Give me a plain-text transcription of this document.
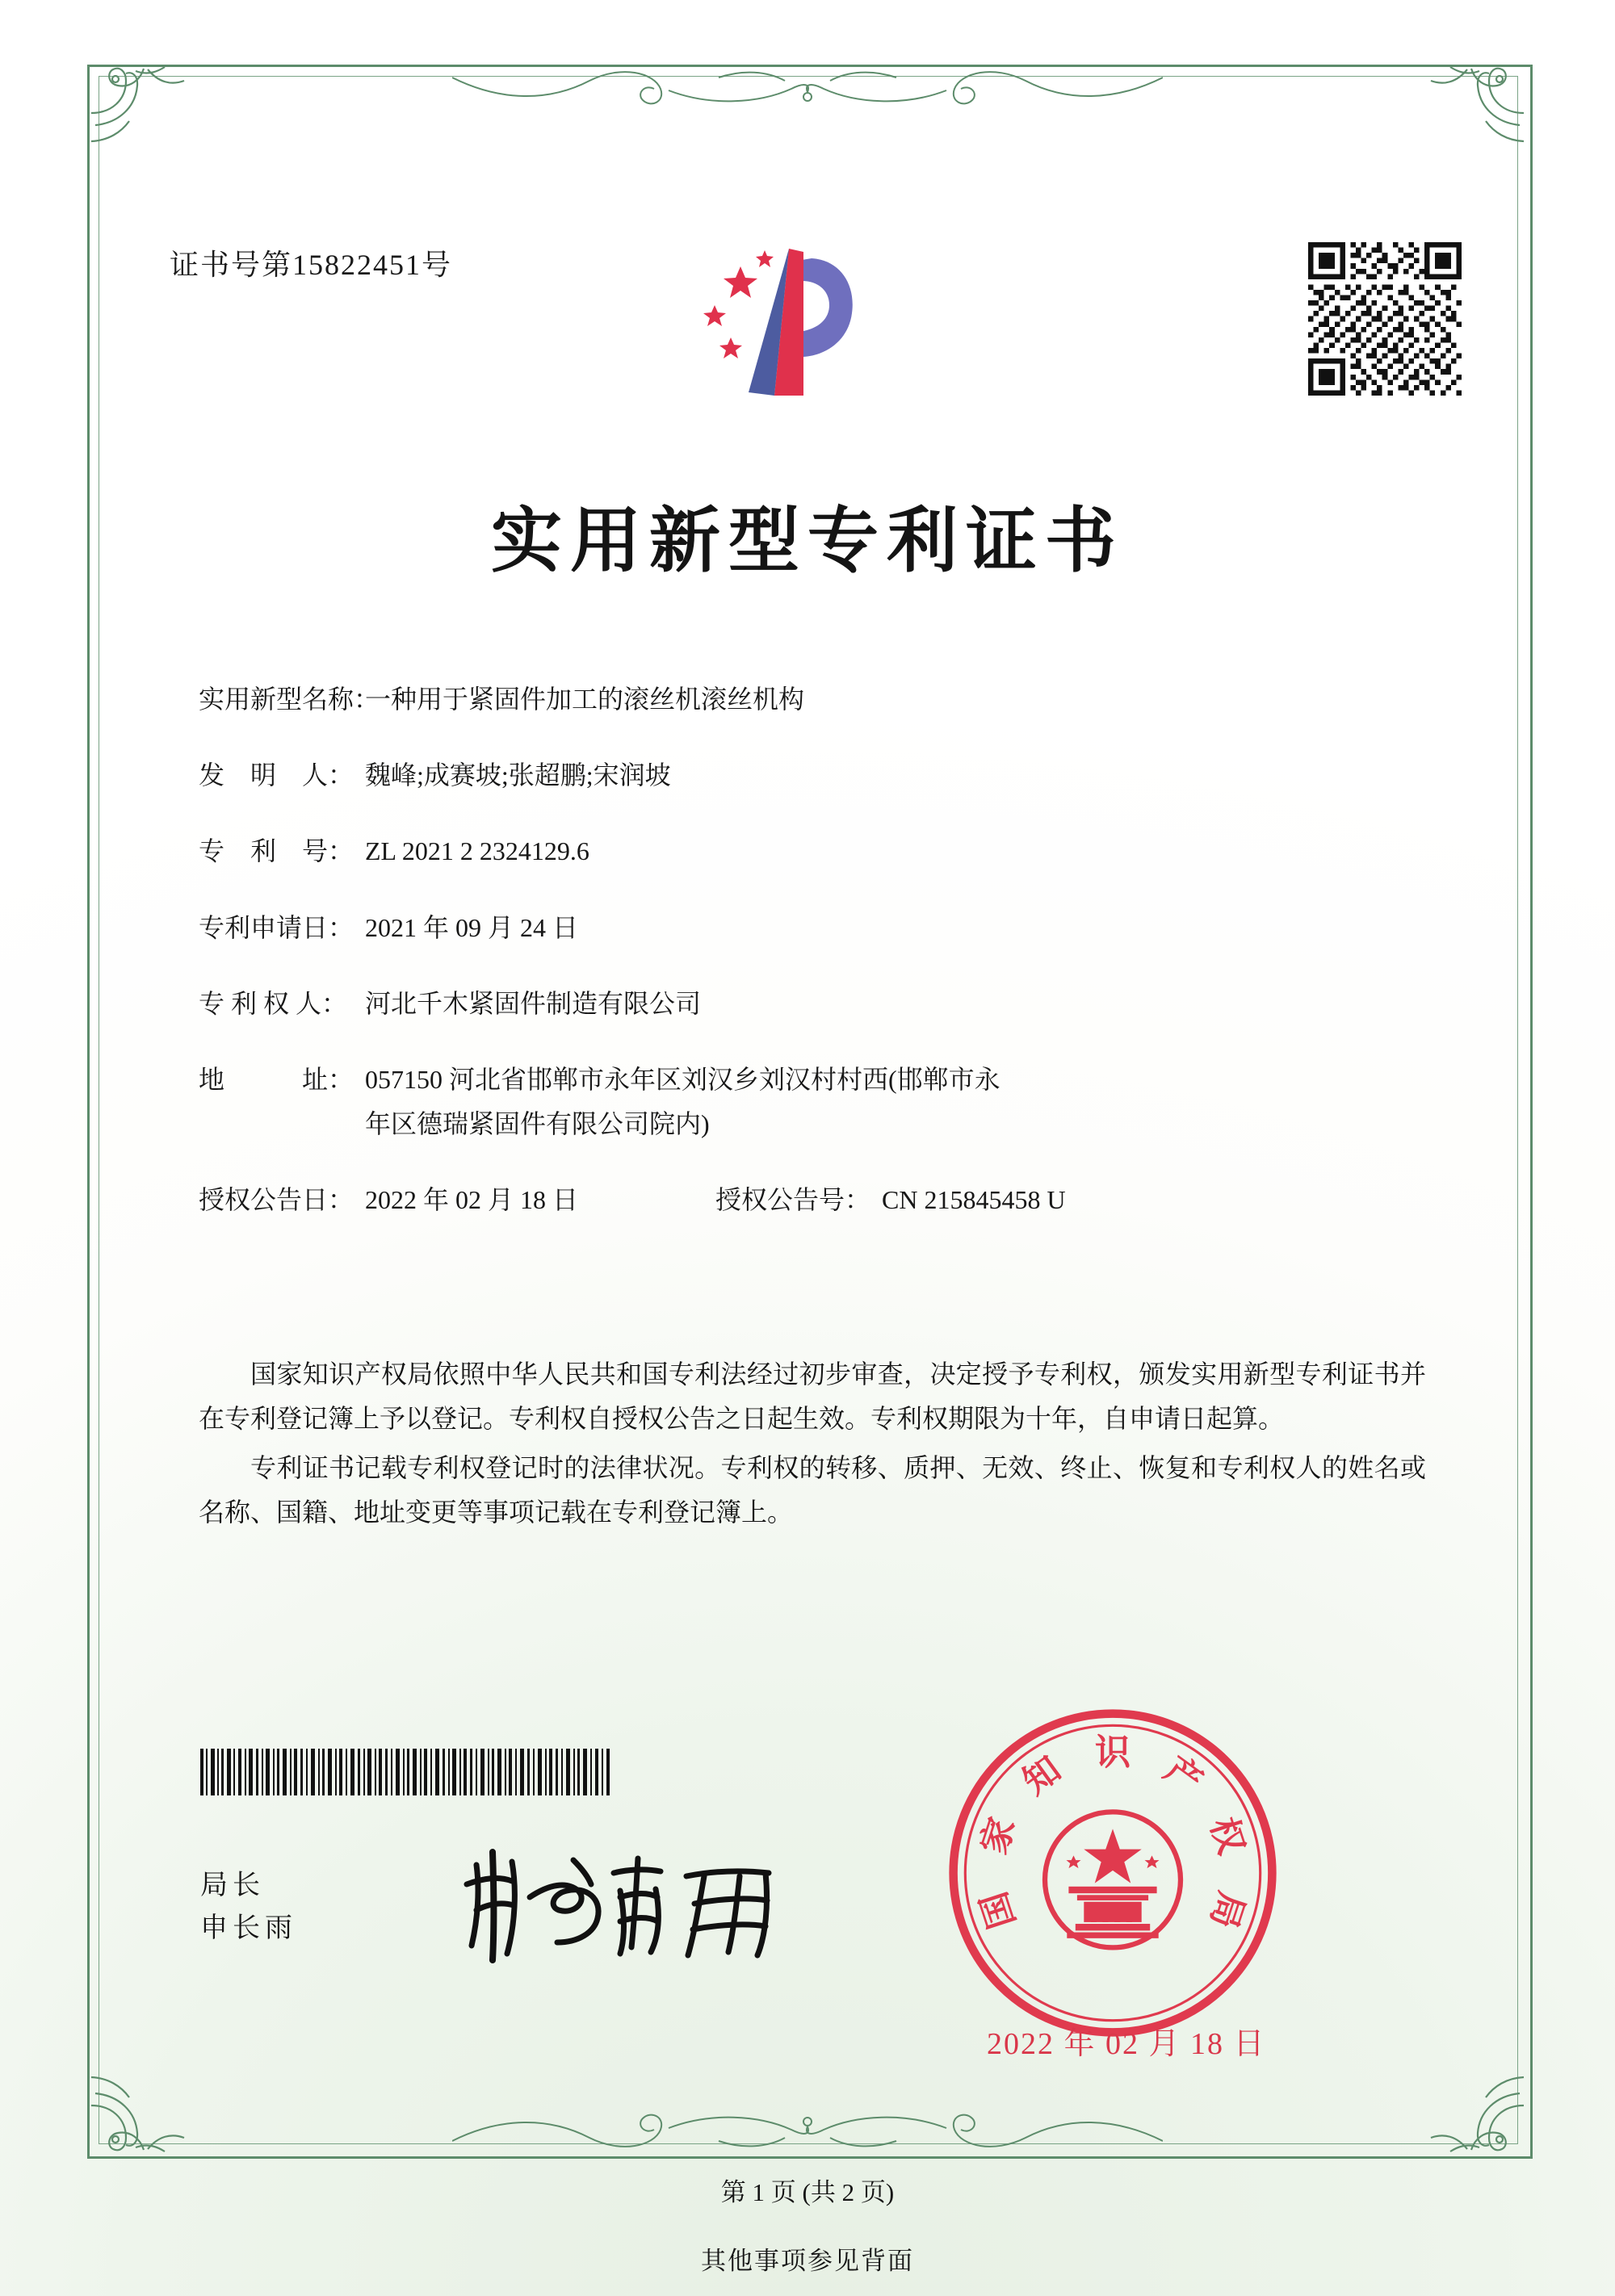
证书号第15822451号
实用新型专利证书
实用新型名称：
一种用于紧固件加工的滚丝机滚丝机构
发　明　人： 魏峰;成赛坡;张超鹏;宋润坡
专　利　号： ZL 2021 2 2324129.6
专利申请日： 2021 年 09 月 24 日
专 利 权 人： 河北千木紧固件制造有限公司
地　　　址： 057150 河北省邯郸市永年区刘汉乡刘汉村村西(邯郸市永
年区德瑞紧固件有限公司院内)
授权公告日： 2022 年 02 月 18 日	授权公告号： CN 215845458 U

国家知识产权局依照中华人民共和国专利法经过初步审查，决定授予专利权，颁发实用新型专利证书并在专利登记簿上予以登记。专利权自授权公告之日起生效。专利权期限为十年，自申请日起算。

专利证书记载专利权登记时的法律状况。专利权的转移、质押、无效、终止、恢复和专利权人的姓名或名称、国籍、地址变更等事项记载在专利登记簿上。

局长
申长雨
识
知
家
国
产
权
局
2022 年 02 月 18 日
第 1 页 (共 2 页)
其他事项参见背面
